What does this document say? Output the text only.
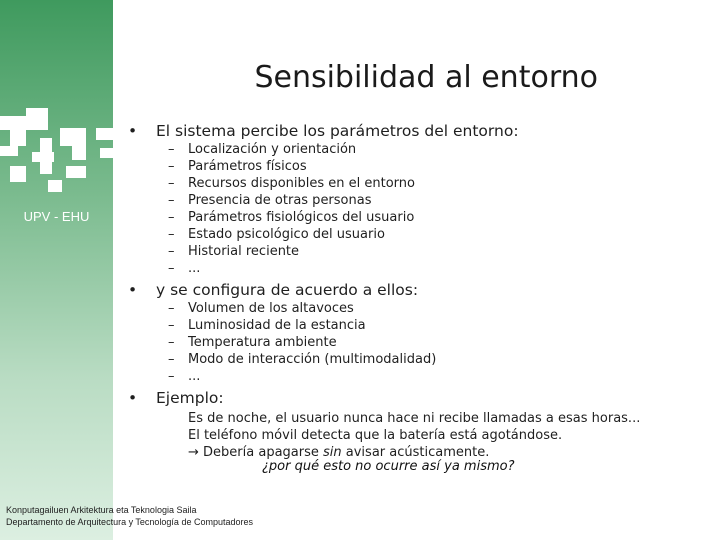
UPV - EHU
Sensibilidad al entorno
• El sistema percibe los parámetros del entorno:
– Localización y orientación
– Parámetros físicos
– Recursos disponibles en el entorno
– Presencia de otras personas
– Parámetros fisiológicos del usuario
– Estado psicológico del usuario
– Historial reciente
– ...
• y se configura de acuerdo a ellos:
– Volumen de los altavoces
– Luminosidad de la estancia
– Temperatura ambiente
– Modo de interacción (multimodalidad)
– ...
• Ejemplo:
Es de noche, el usuario nunca hace ni recibe llamadas a esas horas...
El teléfono móvil detecta que la batería está agotándose.
→ Debería apagarse sin avisar acústicamente.
¿por qué esto no ocurre así ya mismo?
Konputagailuen Arkitektura eta Teknologia Saila
Departamento de Arquitectura y Tecnología de Computadores
